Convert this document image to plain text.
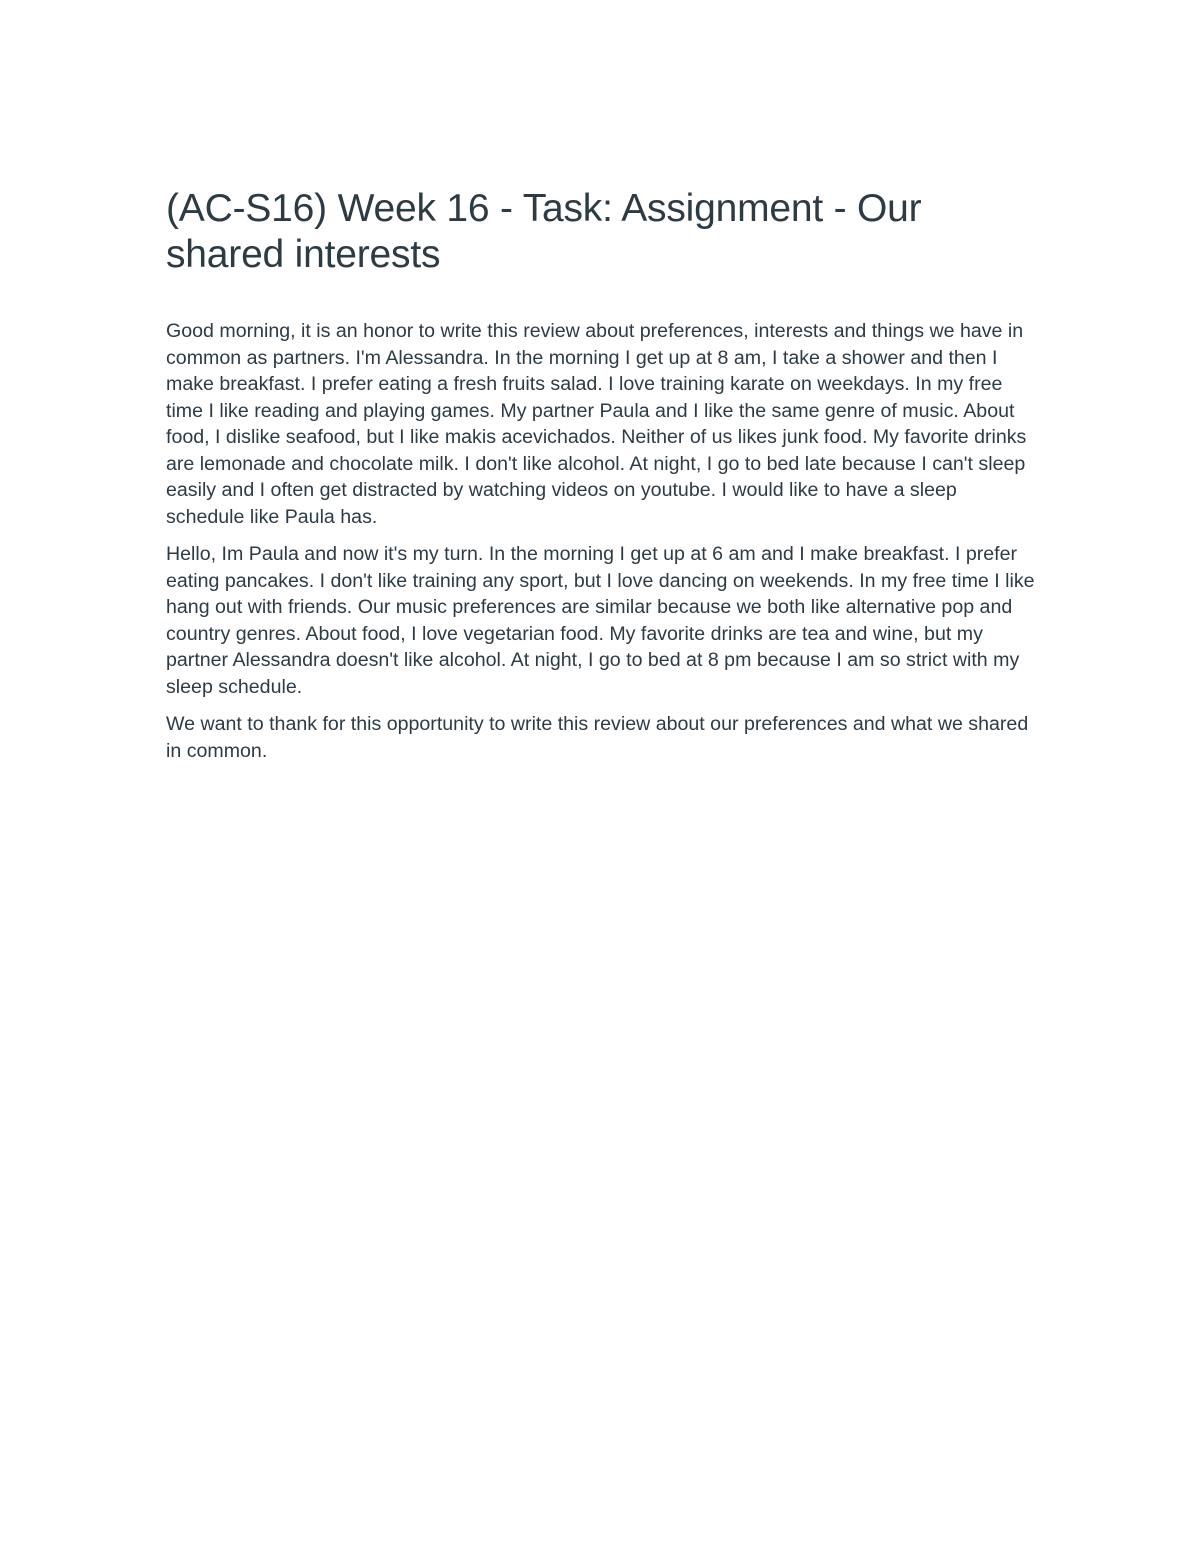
(AC-S16) Week 16 - Task: Assignment - Our shared interests

Good morning, it is an honor to write this review about preferences, interests and things we have in common as partners. I'm Alessandra. In the morning I get up at 8 am, I take a shower and then I make breakfast. I prefer eating a fresh fruits salad. I love training karate on weekdays. In my free time I like reading and playing games. My partner Paula and I like the same genre of music. About food, I dislike seafood, but I like makis acevichados. Neither of us likes junk food. My favorite drinks are lemonade and chocolate milk. I don't like alcohol. At night, I go to bed late because I can't sleep easily and I often get distracted by watching videos on youtube. I would like to have a sleep schedule like Paula has.

Hello, Im Paula and now it's my turn. In the morning I get up at 6 am and I make breakfast. I prefer eating pancakes. I don't like training any sport, but I love dancing on weekends. In my free time I like hang out with friends. Our music preferences are similar because we both like alternative pop and country genres. About food, I love vegetarian food. My favorite drinks are tea and wine, but my partner Alessandra doesn't like alcohol. At night, I go to bed at 8 pm because I am so strict with my sleep schedule.

We want to thank for this opportunity to write this review about our preferences and what we shared in common.
